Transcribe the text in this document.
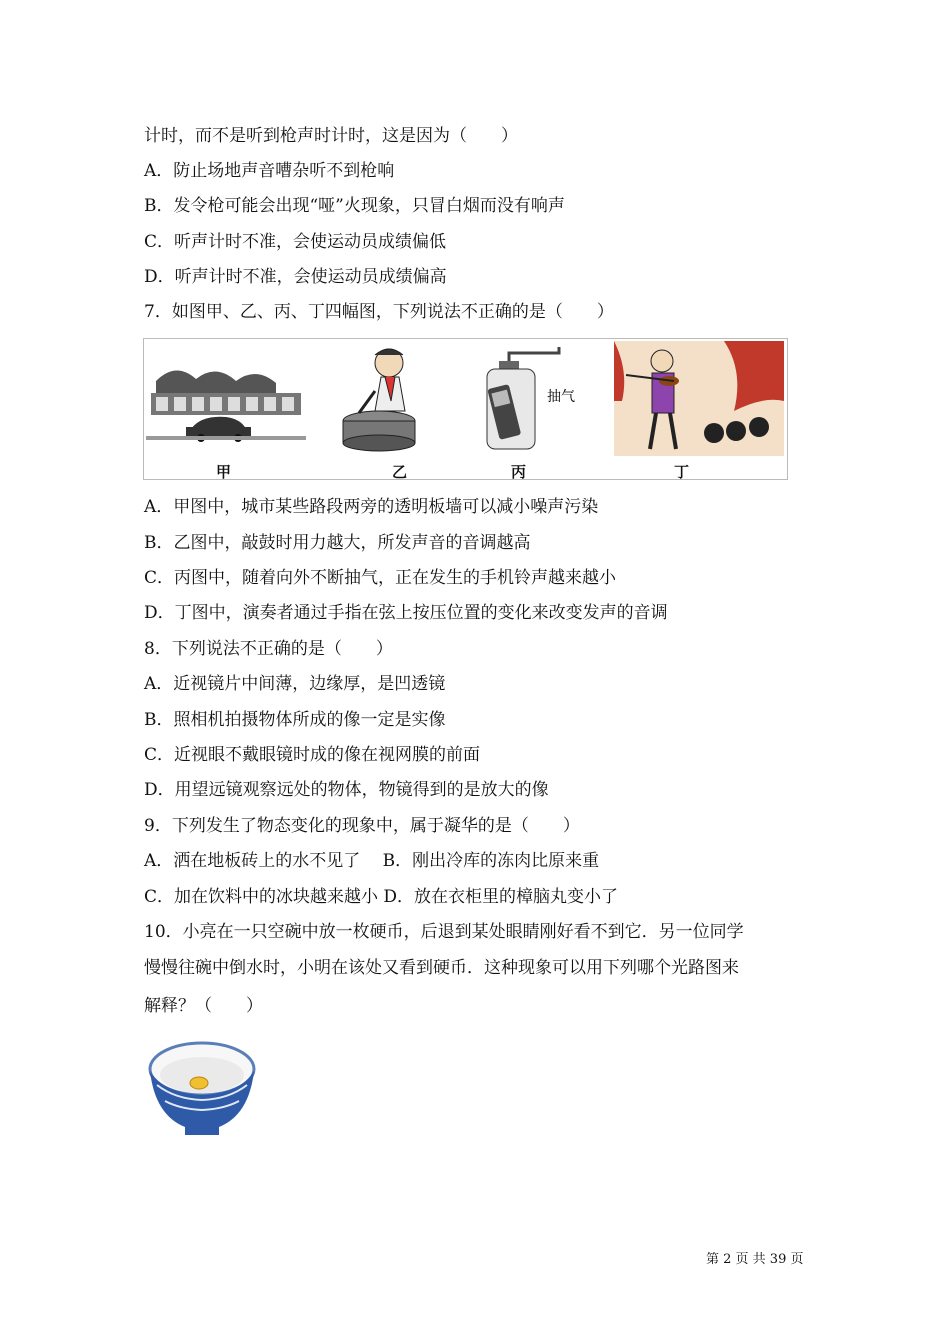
计时，而不是听到枪声时计时，这是因为（　　）
A．防止场地声音嘈杂听不到枪响
B．发令枪可能会出现“哑”火现象，只冒白烟而没有响声
C．听声计时不准，会使运动员成绩偏低
D．听声计时不准，会使运动员成绩偏高
7．如图甲、乙、丙、丁四幅图，下列说法不正确的是（　　）
抽气
甲	乙	丙	丁
A．甲图中，城市某些路段两旁的透明板墙可以减小噪声污染
B．乙图中，敲鼓时用力越大，所发声音的音调越高
C．丙图中，随着向外不断抽气，正在发生的手机铃声越来越小
D．丁图中，演奏者通过手指在弦上按压位置的变化来改变发声的音调
8．下列说法不正确的是（　　）
A．近视镜片中间薄，边缘厚，是凹透镜
B．照相机拍摄物体所成的像一定是实像
C．近视眼不戴眼镜时成的像在视网膜的前面
D．用望远镜观察远处的物体，物镜得到的是放大的像
9．下列发生了物态变化的现象中，属于凝华的是（　　）
A．洒在地板砖上的水不见了　 B．刚出冷库的冻肉比原来重
C．加在饮料中的冰块越来越小 D．放在衣柜里的樟脑丸变小了
10．小亮在一只空碗中放一枚硬币，后退到某处眼睛刚好看不到它．另一位同学
慢慢往碗中倒水时，小明在该处又看到硬币．这种现象可以用下列哪个光路图来
解释？（　　）
第 2 页 共 39 页
